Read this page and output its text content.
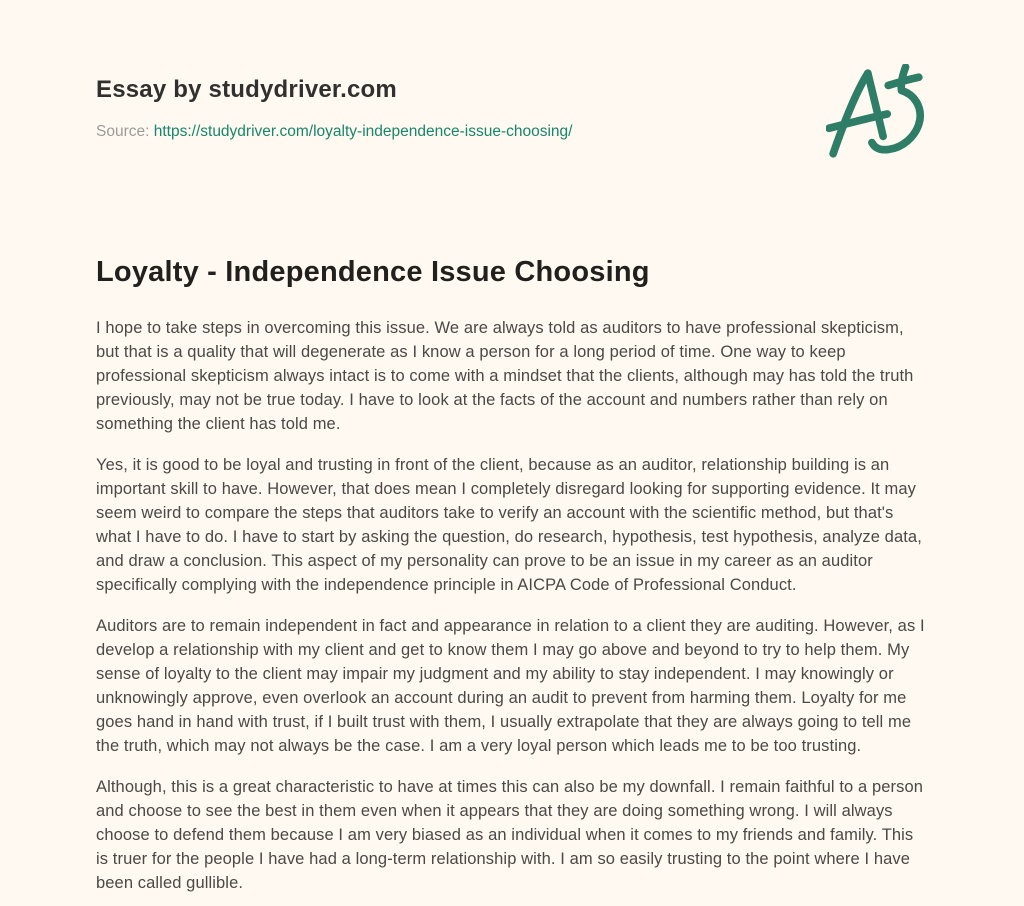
Essay by studydriver.com
Source: https://studydriver.com/loyalty-independence-issue-choosing/
Loyalty - Independence Issue Choosing

I hope to take steps in overcoming this issue. We are always told as auditors to have professional skepticism, but that is a quality that will degenerate as I know a person for a long period of time. One way to keep professional skepticism always intact is to come with a mindset that the clients, although may has told the truth previously, may not be true today. I have to look at the facts of the account and numbers rather than rely on something the client has told me.

Yes, it is good to be loyal and trusting in front of the client, because as an auditor, relationship building is an important skill to have. However, that does mean I completely disregard looking for supporting evidence. It may seem weird to compare the steps that auditors take to verify an account with the scientific method, but that's what I have to do. I have to start by asking the question, do research, hypothesis, test hypothesis, analyze data, and draw a conclusion. This aspect of my personality can prove to be an issue in my career as an auditor specifically complying with the independence principle in AICPA Code of Professional Conduct.

Auditors are to remain independent in fact and appearance in relation to a client they are auditing. However, as I develop a relationship with my client and get to know them I may go above and beyond to try to help them. My sense of loyalty to the client may impair my judgment and my ability to stay independent. I may knowingly or unknowingly approve, even overlook an account during an audit to prevent from harming them. Loyalty for me goes hand in hand with trust, if I built trust with them, I usually extrapolate that they are always going to tell me the truth, which may not always be the case. I am a very loyal person which leads me to be too trusting.

Although, this is a great characteristic to have at times this can also be my downfall. I remain faithful to a person and choose to see the best in them even when it appears that they are doing something wrong. I will always choose to defend them because I am very biased as an individual when it comes to my friends and family. This is truer for the people I have had a long-term relationship with. I am so easily trusting to the point where I have been called gullible.
